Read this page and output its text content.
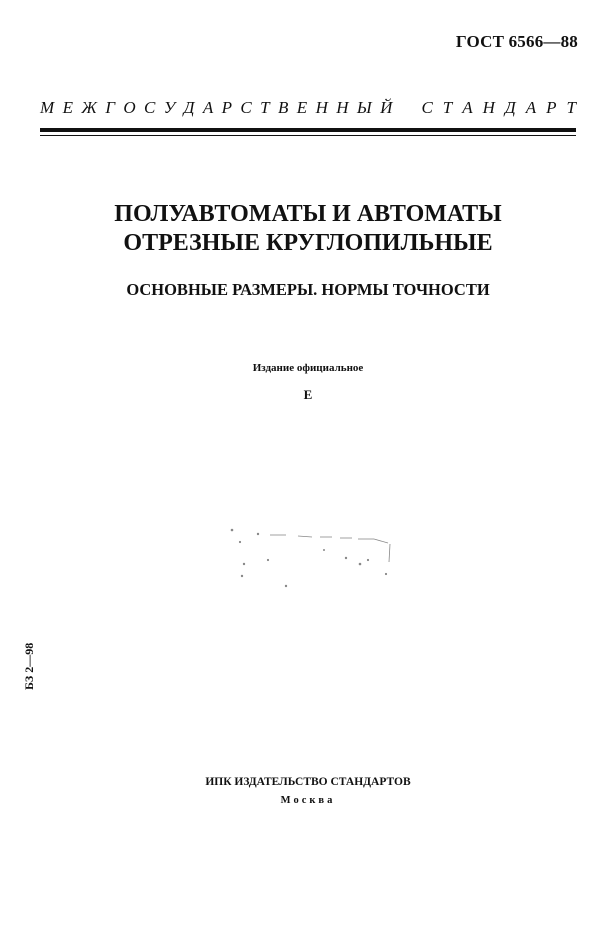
ГОСТ 6566—88
М Е Ж Г О С У Д А Р С Т В Е Н Н Ы Й С Т А Н Д А Р Т
ПОЛУАВТОМАТЫ И АВТОМАТЫ
ОТРЕЗНЫЕ КРУГЛОПИЛЬНЫЕ
ОСНОВНЫЕ РАЗМЕРЫ. НОРМЫ ТОЧНОСТИ
Издание официальное
Е
БЗ 2—98
ИПК ИЗДАТЕЛЬСТВО СТАНДАРТОВ
Москва
